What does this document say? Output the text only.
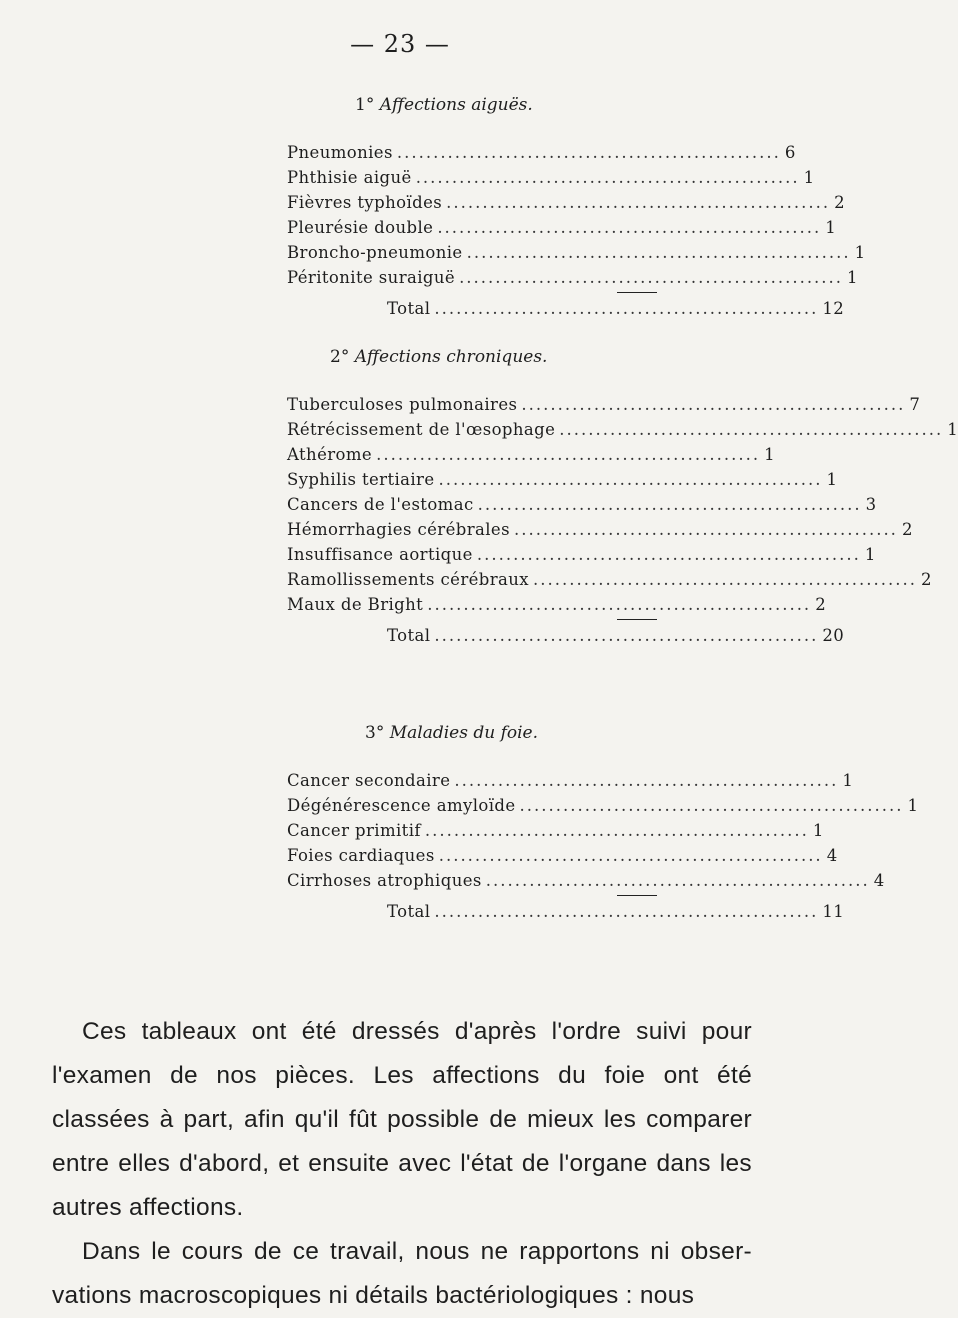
— 23 —
1° Affections aiguës.
Pneumonies ..................................................... 6
Phthisie aiguë ..................................................... 1
Fièvres typhoïdes ..................................................... 2
Pleurésie double ..................................................... 1
Broncho-pneumonie ..................................................... 1
Péritonite suraiguë ..................................................... 1
Total ..................................................... 12
2° Affections chroniques.
Tuberculoses pulmonaires ..................................................... 7
Rétrécissement de l'œsophage ..................................................... 1
Athérome ..................................................... 1
Syphilis tertiaire ..................................................... 1
Cancers de l'estomac ..................................................... 3
Hémorrhagies cérébrales ..................................................... 2
Insuffisance aortique ..................................................... 1
Ramollissements cérébraux ..................................................... 2
Maux de Bright ..................................................... 2
Total ..................................................... 20
3° Maladies du foie.
Cancer secondaire ..................................................... 1
Dégénérescence amyloïde ..................................................... 1
Cancer primitif ..................................................... 1
Foies cardiaques ..................................................... 4
Cirrhoses atrophiques ..................................................... 4
Total ..................................................... 11

Ces tableaux ont été dressés d'après l'ordre suivi pour l'examen de nos pièces. Les affections du foie ont été classées à part, afin qu'il fût possible de mieux les comparer entre elles d'abord, et ensuite avec l'état de l'organe dans les autres affections.

Dans le cours de ce travail, nous ne rapportons ni obser- vations macroscopiques ni détails bactériologiques : nous
